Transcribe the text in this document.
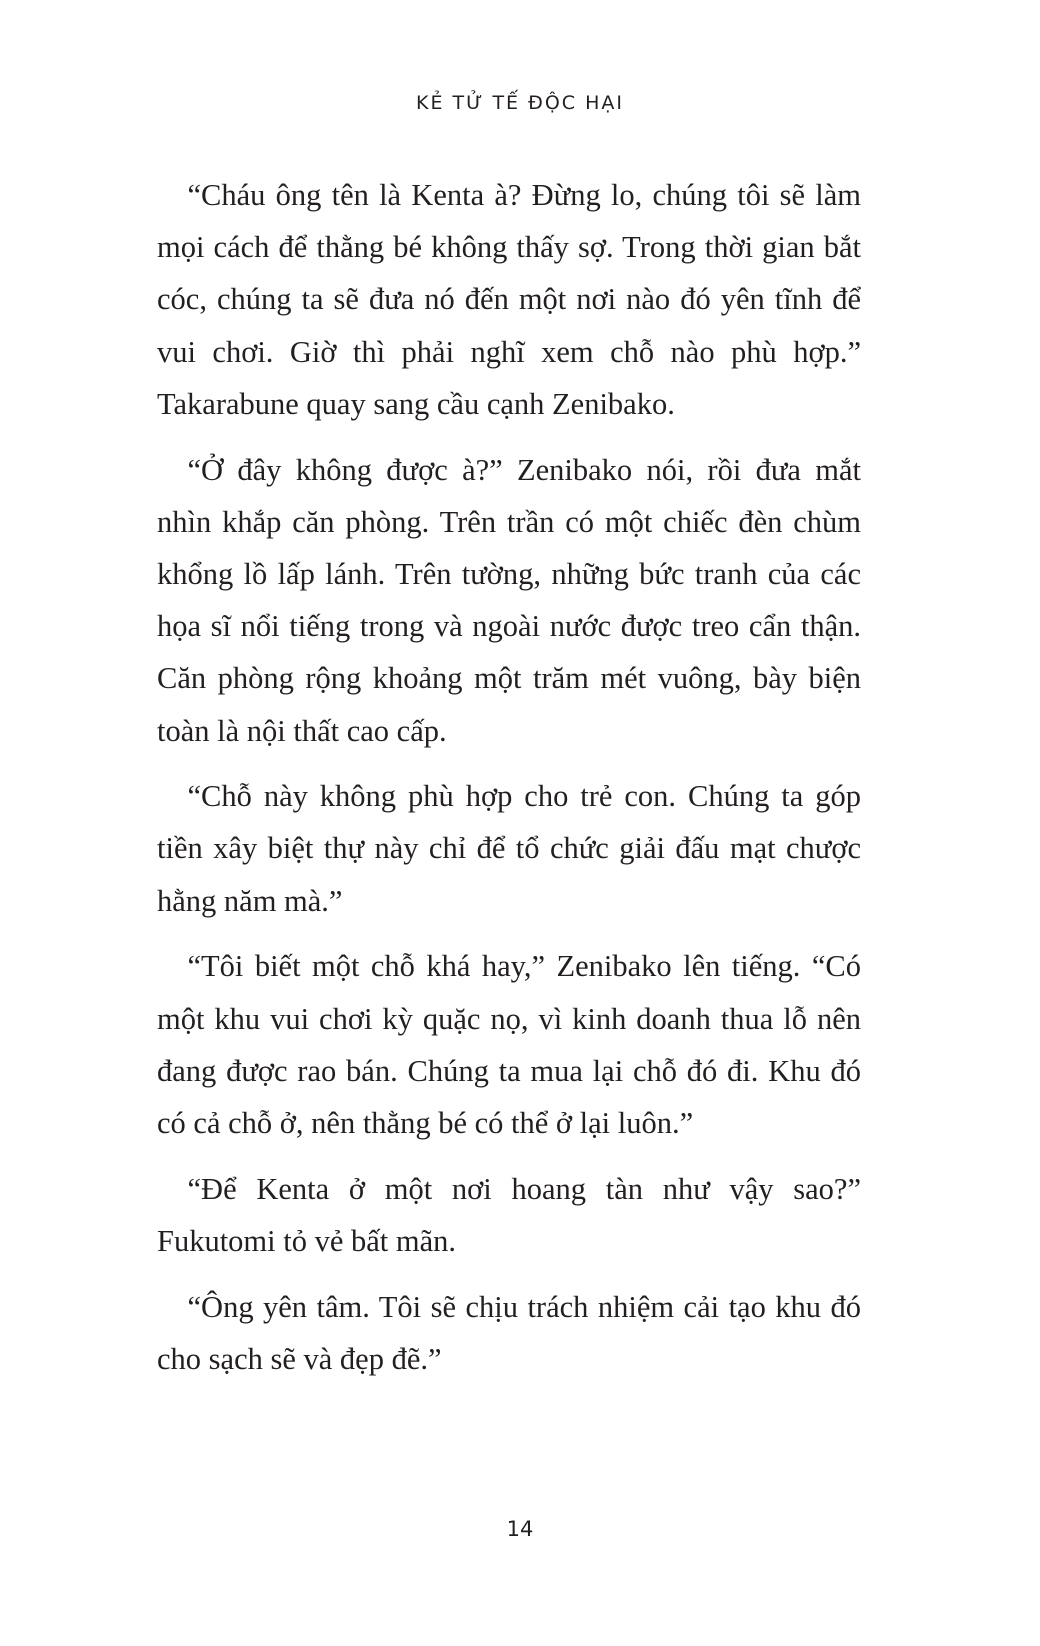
KẺ TỬ TẾ ĐỘC HẠI

“Cháu ông tên là Kenta à? Đừng lo, chúng tôi sẽ làm mọi cách để thằng bé không thấy sợ. Trong thời gian bắt cóc, chúng ta sẽ đưa nó đến một nơi nào đó yên tĩnh để vui chơi. Giờ thì phải nghĩ xem chỗ nào phù hợp.” Takarabune quay sang cầu cạnh Zenibako.

“Ở đây không được à?” Zenibako nói, rồi đưa mắt nhìn khắp căn phòng. Trên trần có một chiếc đèn chùm khổng lồ lấp lánh. Trên tường, những bức tranh của các họa sĩ nổi tiếng trong và ngoài nước được treo cẩn thận. Căn phòng rộng khoảng một trăm mét vuông, bày biện toàn là nội thất cao cấp.

“Chỗ này không phù hợp cho trẻ con. Chúng ta góp tiền xây biệt thự này chỉ để tổ chức giải đấu mạt chược hằng năm mà.”

“Tôi biết một chỗ khá hay,” Zenibako lên tiếng. “Có một khu vui chơi kỳ quặc nọ, vì kinh doanh thua lỗ nên đang được rao bán. Chúng ta mua lại chỗ đó đi. Khu đó có cả chỗ ở, nên thằng bé có thể ở lại luôn.”

“Để Kenta ở một nơi hoang tàn như vậy sao?” Fukutomi tỏ vẻ bất mãn.

“Ông yên tâm. Tôi sẽ chịu trách nhiệm cải tạo khu đó cho sạch sẽ và đẹp đẽ.”

14
